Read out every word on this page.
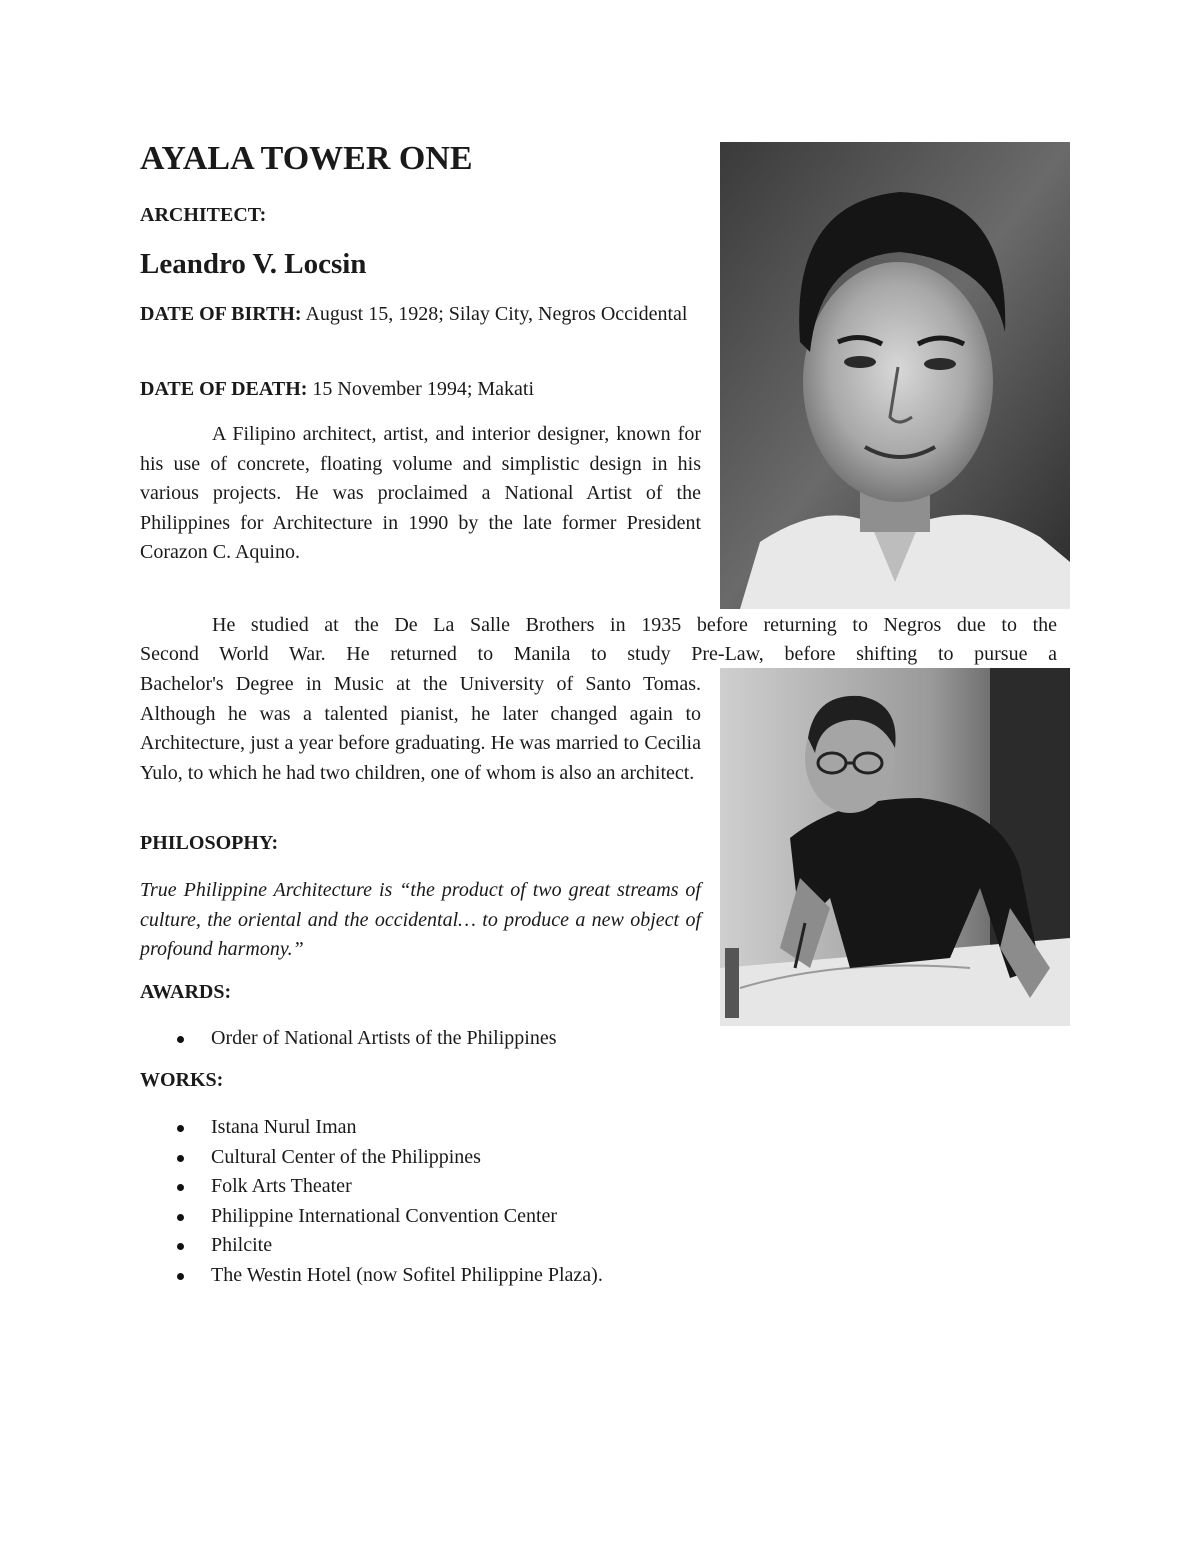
AYALA TOWER ONE

ARCHITECT:

Leandro V. Locsin

DATE OF BIRTH: August 15, 1928; Silay City, Negros Occidental

DATE OF DEATH: 15 November 1994; Makati

A Filipino architect, artist, and interior designer, known for his use of concrete, floating volume and simplistic design in his various projects. He was proclaimed a National Artist of the Philippines for Architecture in 1990 by the late former President Corazon C. Aquino.

He studied at the De La Salle Brothers in 1935 before returning to Negros due to the

Second World War. He returned to Manila to study Pre-Law, before shifting to pursue a

Bachelor's Degree in Music at the University of Santo Tomas. Although he was a talented pianist, he later changed again to Architecture, just a year before graduating. He was married to Cecilia Yulo, to which he had two children, one of whom is also an architect.

PHILOSOPHY:

True Philippine Architecture is “the product of two great streams of culture, the oriental and the occidental… to produce a new object of profound harmony.”

AWARDS:

Order of National Artists of the Philippines

WORKS:

Istana Nurul Iman
Cultural Center of the Philippines
Folk Arts Theater
Philippine International Convention Center
Philcite
The Westin Hotel (now Sofitel Philippine Plaza).
